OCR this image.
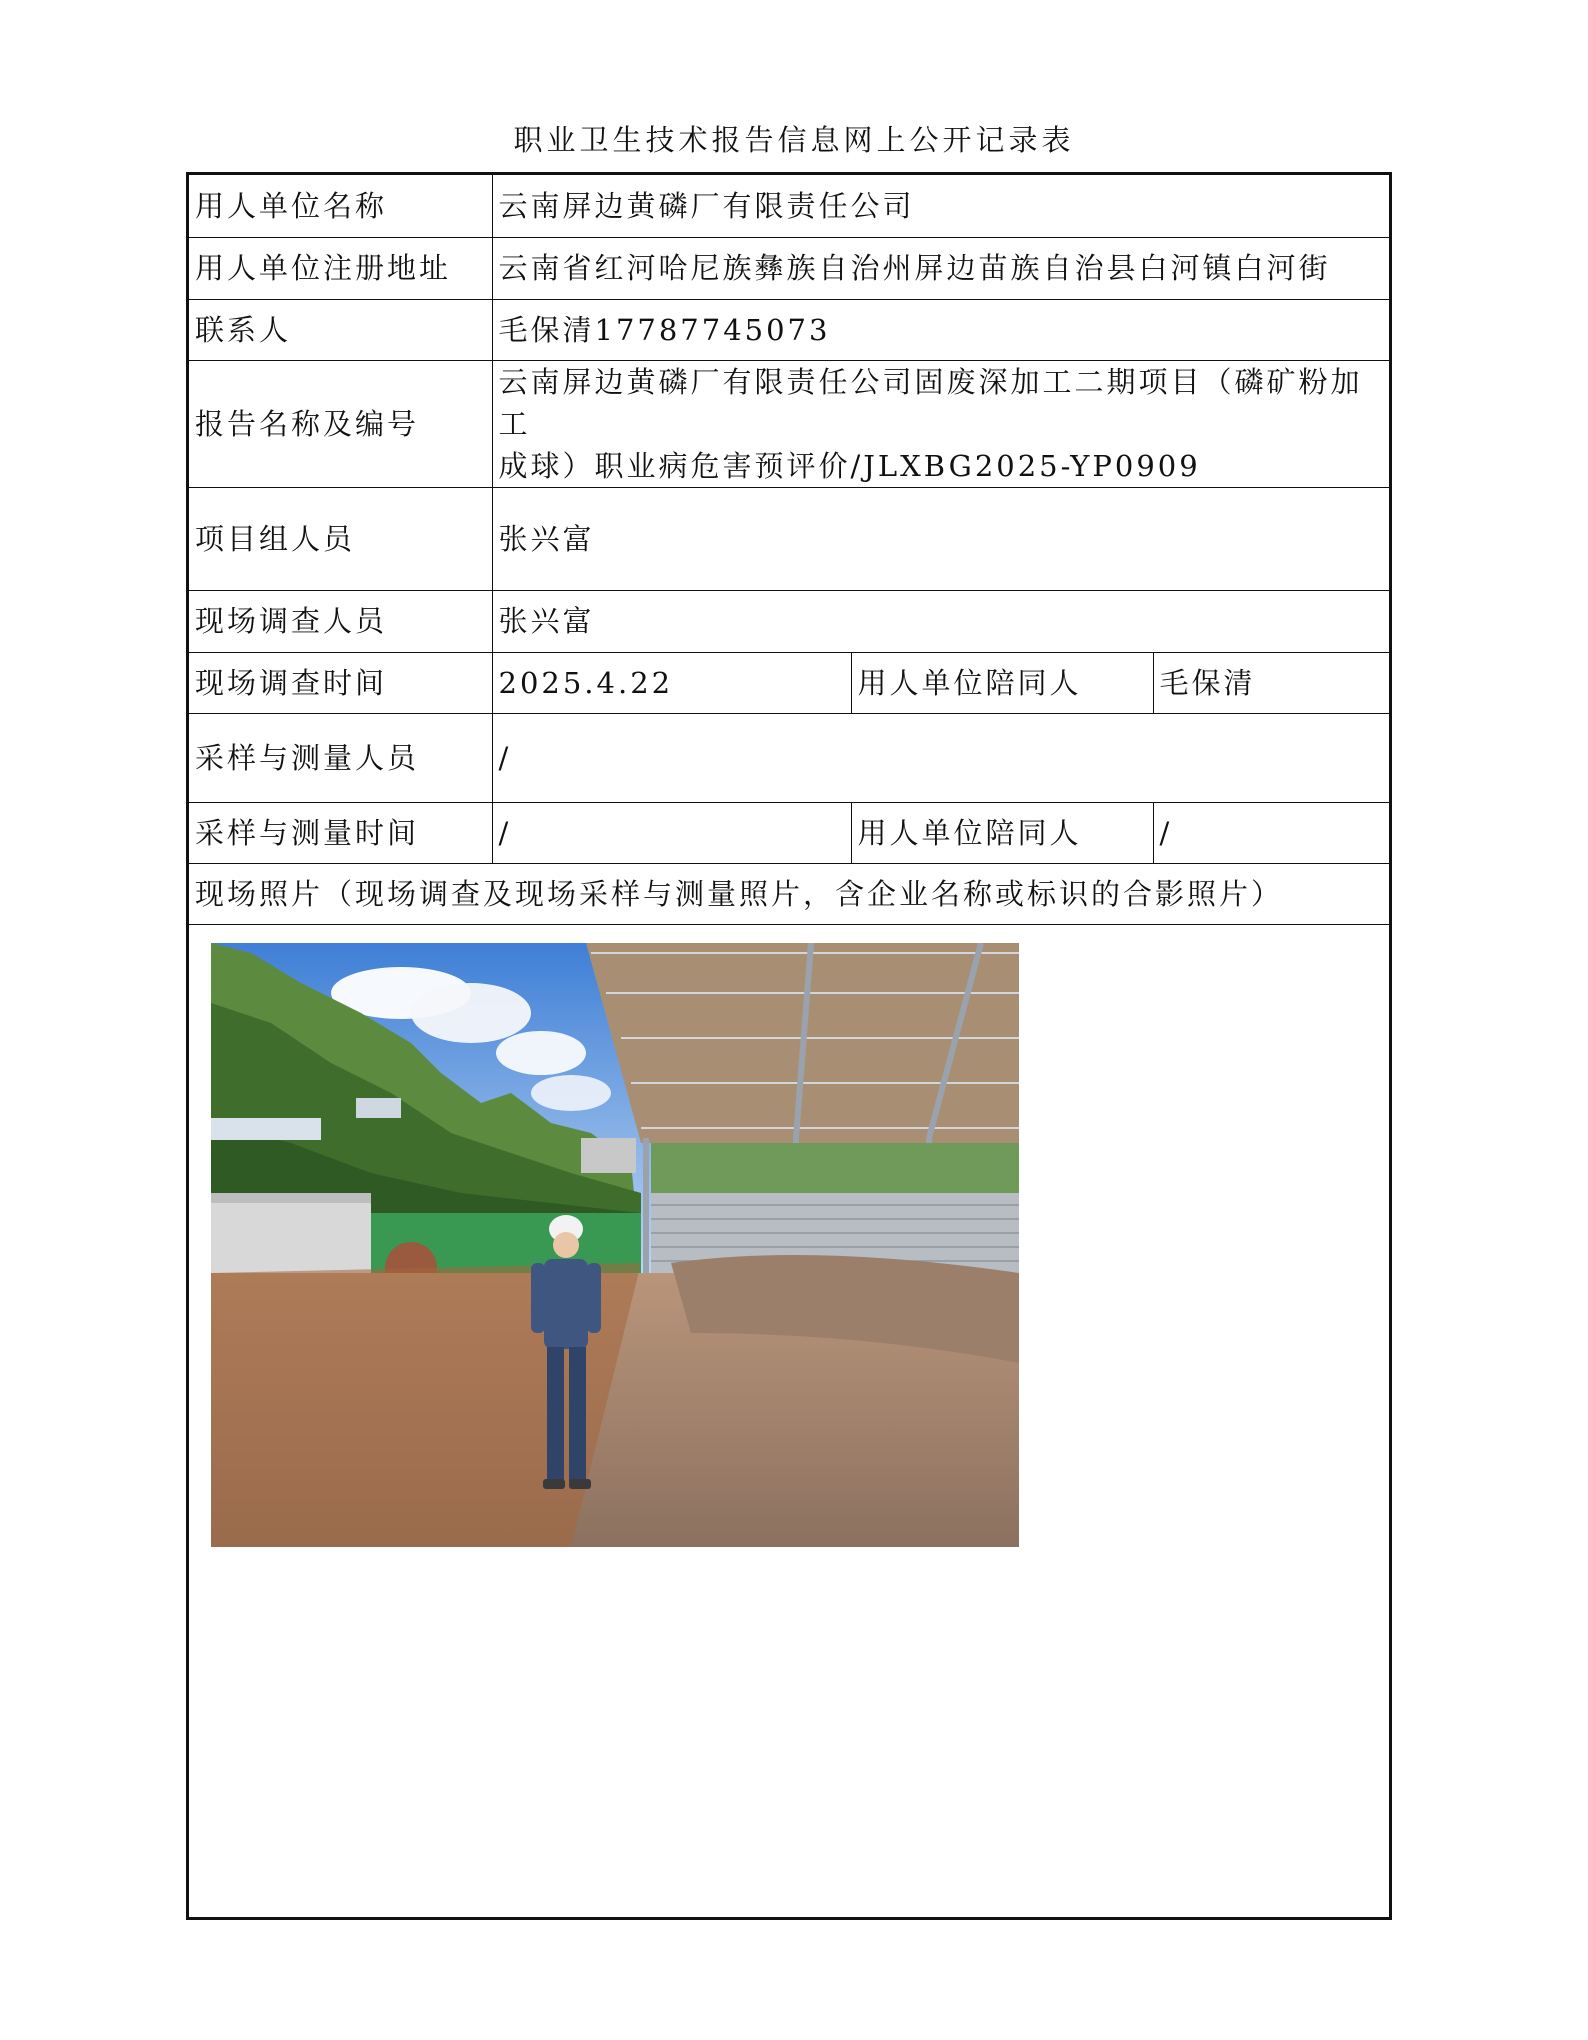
职业卫生技术报告信息网上公开记录表
用人单位名称	云南屏边黄磷厂有限责任公司		
用人单位注册地址	云南省红河哈尼族彝族自治州屏边苗族自治县白河镇白河街		
联系人	毛保清17787745073		
报告名称及编号	云南屏边黄磷厂有限责任公司固废深加工二期项目（磷矿粉加工
成球）职业病危害预评价/JLXBG2025-YP0909		
项目组人员	张兴富		
现场调查人员	张兴富		
现场调查时间	2025.4.22	用人单位陪同人	毛保清
采样与测量人员	/		
采样与测量时间	/	用人单位陪同人	/
现场照片（现场调查及现场采样与测量照片，含企业名称或标识的合影照片）			
